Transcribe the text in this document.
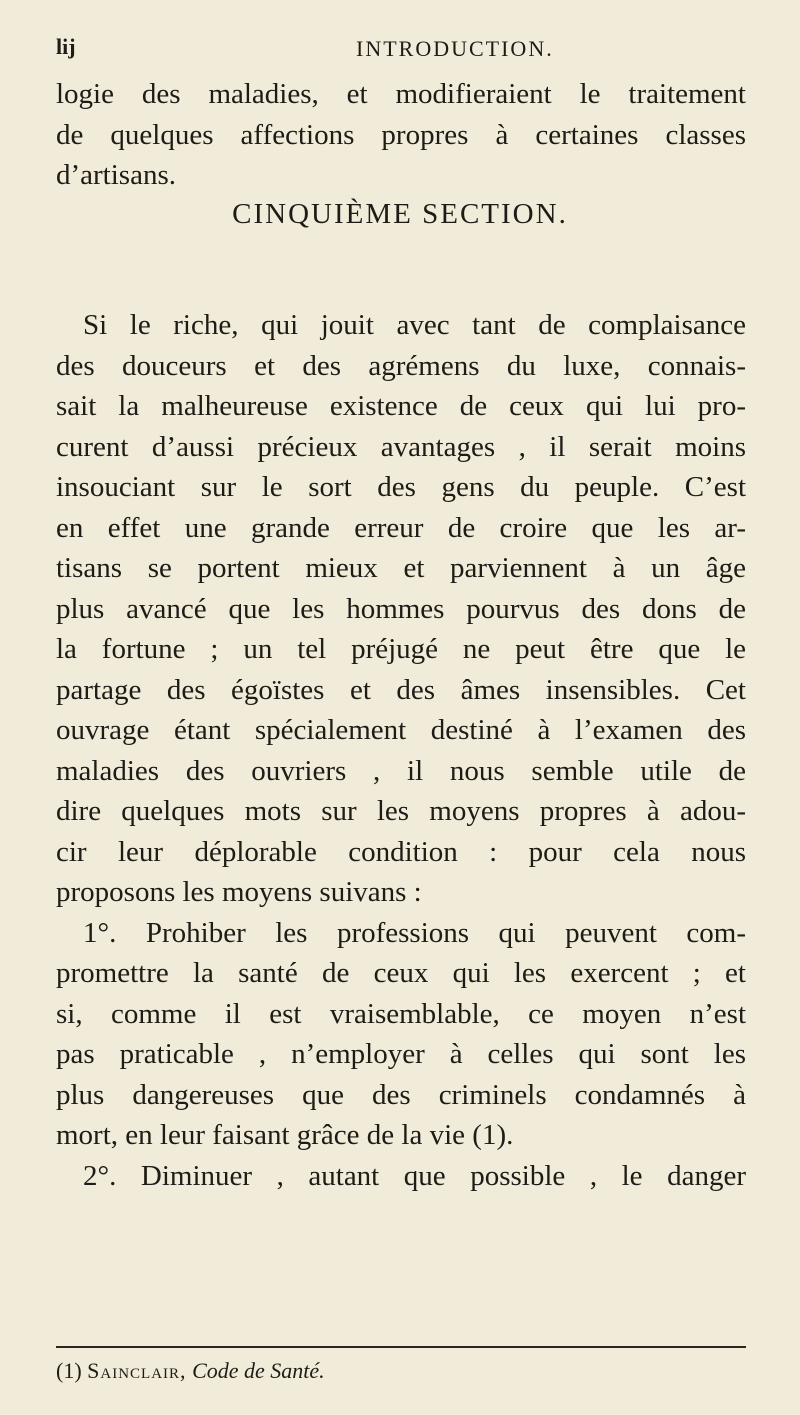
lij	INTRODUCTION.
logie des maladies, et modifieraient le traitement
de quelques affections propres à certaines classes
d’artisans.
CINQUIÈME SECTION.
Si le riche, qui jouit avec tant de complaisance
des douceurs et des agrémens du luxe, connais-
sait la malheureuse existence de ceux qui lui pro-
curent d’aussi précieux avantages , il serait moins
insouciant sur le sort des gens du peuple. C’est
en effet une grande erreur de croire que les ar-
tisans se portent mieux et parviennent à un âge
plus avancé que les hommes pourvus des dons de
la fortune ; un tel préjugé ne peut être que le
partage des égoïstes et des âmes insensibles. Cet
ouvrage étant spécialement destiné à l’examen des
maladies des ouvriers , il nous semble utile de
dire quelques mots sur les moyens propres à adou-
cir leur déplorable condition : pour cela nous
proposons les moyens suivans :
1°. Prohiber les professions qui peuvent com-
promettre la santé de ceux qui les exercent ; et
si, comme il est vraisemblable, ce moyen n’est
pas praticable , n’employer à celles qui sont les
plus dangereuses que des criminels condamnés à
mort, en leur faisant grâce de la vie (1).
2°. Diminuer , autant que possible , le danger
(1) Sainclair, Code de Santé.
